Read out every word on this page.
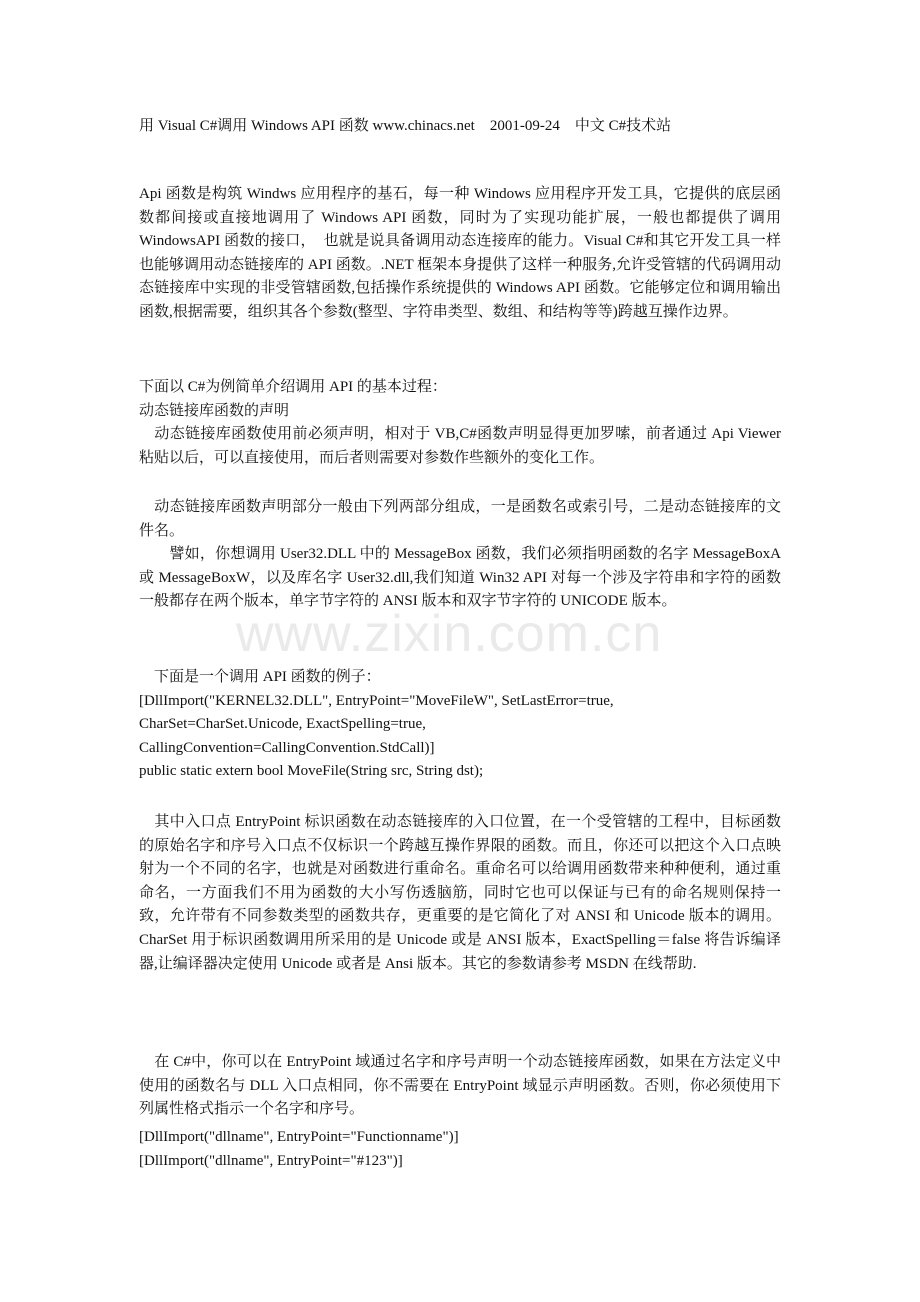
用 Visual C#调用 Windows API 函数 www.chinacs.net　2001-09-24　中文 C#技术站

Api 函数是构筑 Windws 应用程序的基石，每一种 Windows 应用程序开发工具，它提供的底层函数都间接或直接地调用了 Windows API 函数，同时为了实现功能扩展，一般也都提供了调用 WindowsAPI 函数的接口，　也就是说具备调用动态连接库的能力。Visual C#和其它开发工具一样也能够调用动态链接库的 API 函数。.NET 框架本身提供了这样一种服务,允许受管辖的代码调用动态链接库中实现的非受管辖函数,包括操作系统提供的 Windows API 函数。它能够定位和调用输出函数,根据需要，组织其各个参数(整型、字符串类型、数组、和结构等等)跨越互操作边界。

下面以 C#为例简单介绍调用 API 的基本过程：

动态链接库函数的声明

　动态链接库函数使用前必须声明，相对于 VB,C#函数声明显得更加罗嗦，前者通过 Api Viewer 粘贴以后，可以直接使用，而后者则需要对参数作些额外的变化工作。

　动态链接库函数声明部分一般由下列两部分组成，一是函数名或索引号，二是动态链接库的文件名。

　　譬如，你想调用 User32.DLL 中的 MessageBox 函数，我们必须指明函数的名字 MessageBoxA 或 MessageBoxW，以及库名字 User32.dll,我们知道 Win32 API 对每一个涉及字符串和字符的函数一般都存在两个版本，单字节字符的 ANSI 版本和双字节字符的 UNICODE 版本。

　下面是一个调用 API 函数的例子：

[DllImport("KERNEL32.DLL", EntryPoint="MoveFileW", SetLastError=true,

CharSet=CharSet.Unicode, ExactSpelling=true,

CallingConvention=CallingConvention.StdCall)]

public static extern bool MoveFile(String src, String dst);

　其中入口点 EntryPoint 标识函数在动态链接库的入口位置，在一个受管辖的工程中，目标函数的原始名字和序号入口点不仅标识一个跨越互操作界限的函数。而且，你还可以把这个入口点映射为一个不同的名字，也就是对函数进行重命名。重命名可以给调用函数带来种种便利，通过重命名，一方面我们不用为函数的大小写伤透脑筋，同时它也可以保证与已有的命名规则保持一致，允许带有不同参数类型的函数共存，更重要的是它简化了对 ANSI 和 Unicode 版本的调用。CharSet 用于标识函数调用所采用的是 Unicode 或是 ANSI 版本，ExactSpelling＝false 将告诉编译器,让编译器决定使用 Unicode 或者是 Ansi 版本。其它的参数请参考 MSDN 在线帮助.

　在 C#中，你可以在 EntryPoint 域通过名字和序号声明一个动态链接库函数，如果在方法定义中使用的函数名与 DLL 入口点相同，你不需要在 EntryPoint 域显示声明函数。否则，你必须使用下列属性格式指示一个名字和序号。

[DllImport("dllname", EntryPoint="Functionname")]

[DllImport("dllname", EntryPoint="#123")]

www.zixin.com.cn
